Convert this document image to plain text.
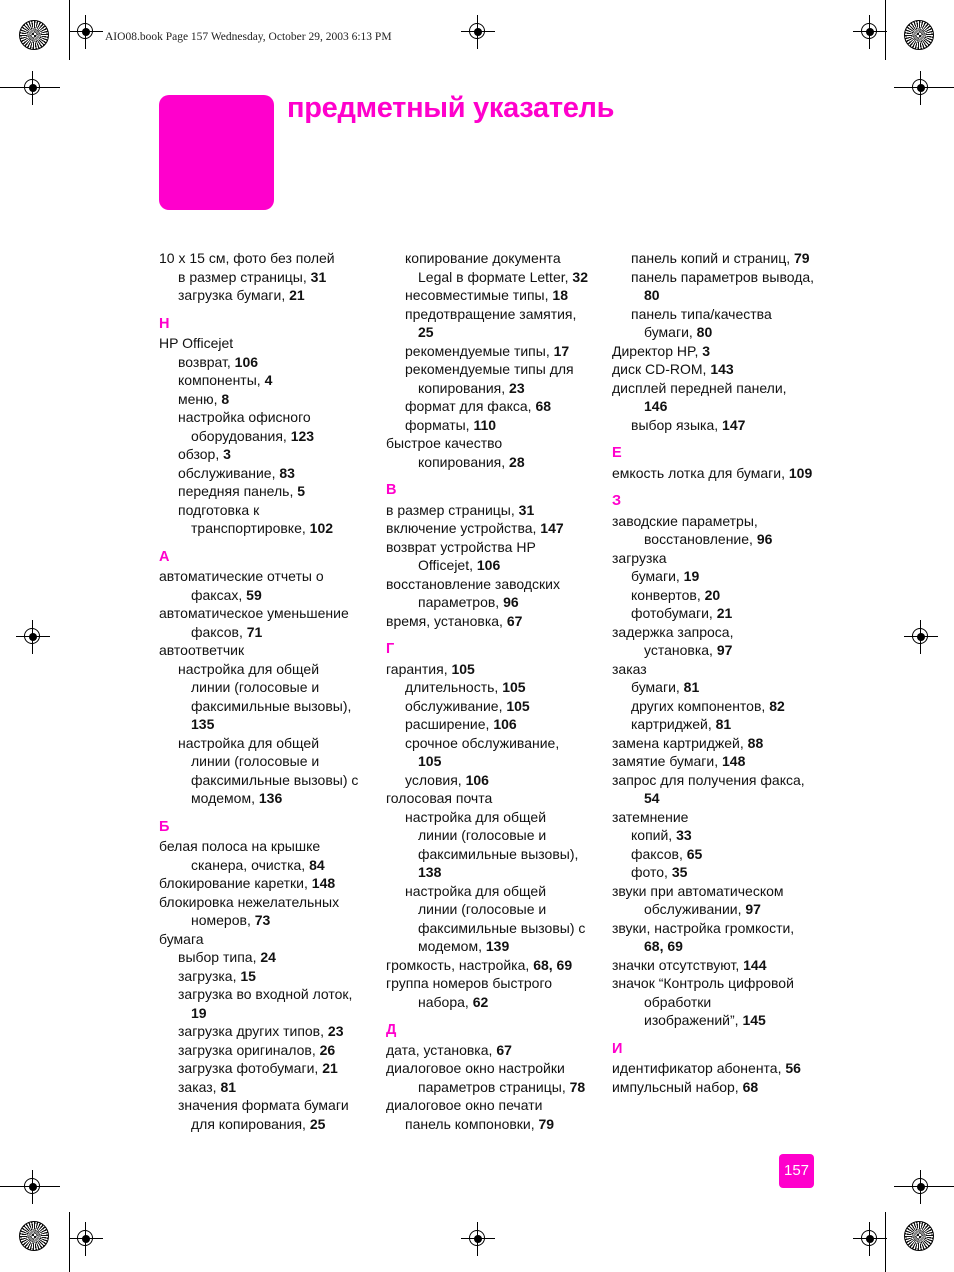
AIO08.book Page 157 Wednesday, October 29, 2003 6:13 PM
предметный указатель
10 x 15 см, фото без полей
в размер страницы, 31
загрузка бумаги, 21
H
HP Officejet
возврат, 106
компоненты, 4
меню, 8
настройка офисного
оборудования, 123
обзор, 3
обслуживание, 83
передняя панель, 5
подготовка к
транспортировке, 102
А
автоматические отчеты о
факсах, 59
автоматическое уменьшение
факсов, 71
автоответчик
настройка для общей
линии (голосовые и
факсимильные вызовы),
135
настройка для общей
линии (голосовые и
факсимильные вызовы) с
модемом, 136
Б
белая полоса на крышке
сканера, очистка, 84
блокирование каретки, 148
блокировка нежелательных
номеров, 73
бумага
выбор типа, 24
загрузка, 15
загрузка во входной лоток,
19
загрузка других типов, 23
загрузка оригиналов, 26
загрузка фотобумаги, 21
заказ, 81
значения формата бумаги
для копирования, 25
копирование документа
Legal в формате Letter, 32
несовместимые типы, 18
предотвращение замятия,
25
рекомендуемые типы, 17
рекомендуемые типы для
копирования, 23
формат для факса, 68
форматы, 110
быстрое качество
копирования, 28
В
в размер страницы, 31
включение устройства, 147
возврат устройства HP
Officejet, 106
восстановление заводских
параметров, 96
время, установка, 67
Г
гарантия, 105
длительность, 105
обслуживание, 105
расширение, 106
срочное обслуживание,
105
условия, 106
голосовая почта
настройка для общей
линии (голосовые и
факсимильные вызовы),
138
настройка для общей
линии (голосовые и
факсимильные вызовы) с
модемом, 139
громкость, настройка, 68, 69
группа номеров быстрого
набора, 62
Д
дата, установка, 67
диалоговое окно настройки
параметров страницы, 78
диалоговое окно печати
панель компоновки, 79
панель копий и страниц, 79
панель параметров вывода,
80
панель типа/качества
бумаги, 80
Директор HP, 3
диск CD-ROM, 143
дисплей передней панели,
146
выбор языка, 147
Е
емкость лотка для бумаги, 109
З
заводские параметры,
восстановление, 96
загрузка
бумаги, 19
конвертов, 20
фотобумаги, 21
задержка запроса,
установка, 97
заказ
бумаги, 81
других компонентов, 82
картриджей, 81
замена картриджей, 88
замятие бумаги, 148
запрос для получения факса,
54
затемнение
копий, 33
факсов, 65
фото, 35
звуки при автоматическом
обслуживании, 97
звуки, настройка громкости,
68, 69
значки отсутствуют, 144
значок “Контроль цифровой
обработки
изображений”, 145
И
идентификатор абонента, 56
импульсный набор, 68
157
